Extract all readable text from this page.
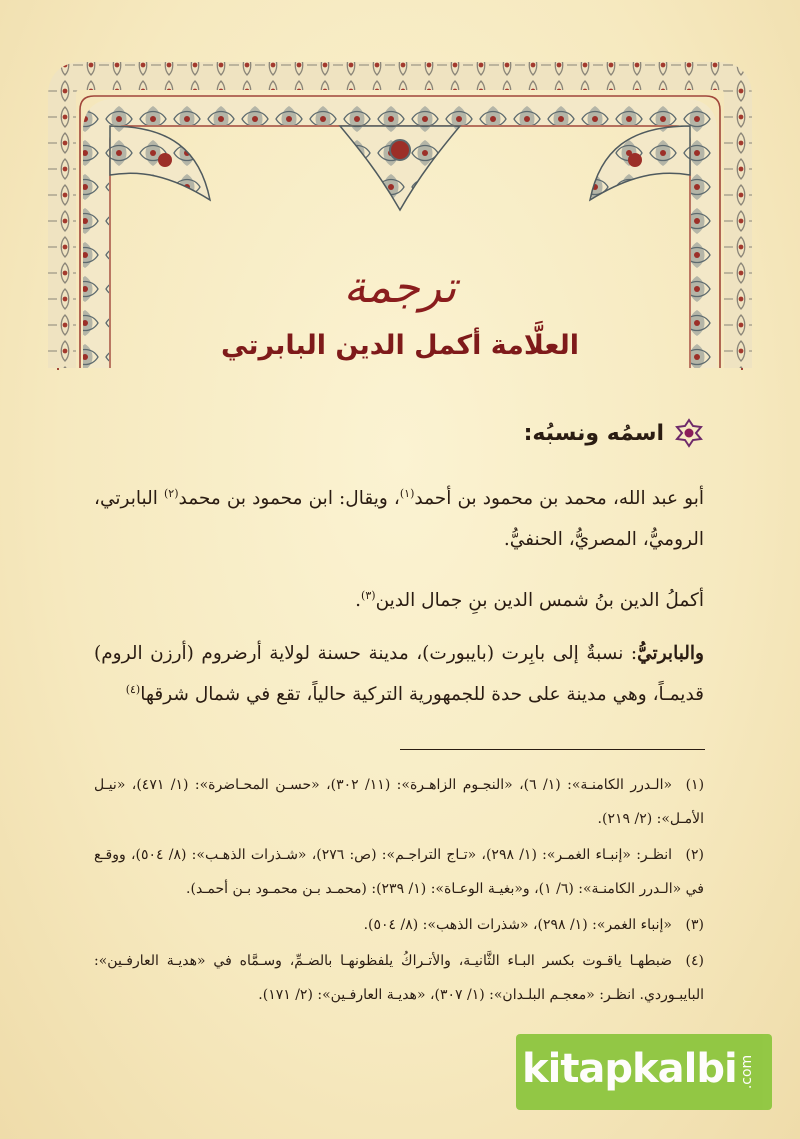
ترجمة
العلَّامة أكمل الدين البابرتي
اسمُه ونسبُه:

أبو عبد الله، محمد بن محمود بن أحمد$^{(١)}$، ويقال: ابن محمود بن محمد$^{(٢)}$ البابرتي، الروميُّ، المصريُّ، الحنفيُّ.

أكملُ الدين بنُ شمس الدين بنِ جمال الدين$^{(٣)}$.

والبابرتيُّ: نسبةٌ إلى بابِرت (بايبورت)، مدينة حسنة لولاية أرضروم (أرزن الروم) قديمـاً، وهي مدينة على حدة للجمهورية التركية حالياً، تقع في شمال شرقها$^{(٤)}$

(١)«الـدرر الكامنـة»: (١/ ٦)، «النجـوم الزاهـرة»: (١١/ ٣٠٢)، «حسـن المحـاضرة»: (١/ ٤٧١)، «نيـل الأمـل»: (٢/ ٢١٩).

(٢)انظـر: «إنبـاء الغمـر»: (١/ ٢٩٨)، «تـاج التراجـم»: (ص: ٢٧٦)، «شـذرات الذهـب»: (٨/ ٥٠٤)، ووقـع في «الـدرر الكامنـة»: (٦/ ١)، و«بغيـة الوعـاة»: (١/ ٢٣٩): (محمـد بـن محمـود بـن أحمـد).

(٣)«إنباء الغمر»: (١/ ٢٩٨)، «شذرات الذهب»: (٨/ ٥٠٤).

(٤)ضبطهـا ياقـوت بكسر البـاء الثَّانيـة، والأتـراكُ يلفظونهـا بالضـمِّ، وسـمَّاه في «هديـة العارفـين»: البايبـوردي. انظـر: «معجـم البلـدان»: (١/ ٣٠٧)، «هديـة العارفـين»: (٢/ ١٧١).

kitapkalbi .com
